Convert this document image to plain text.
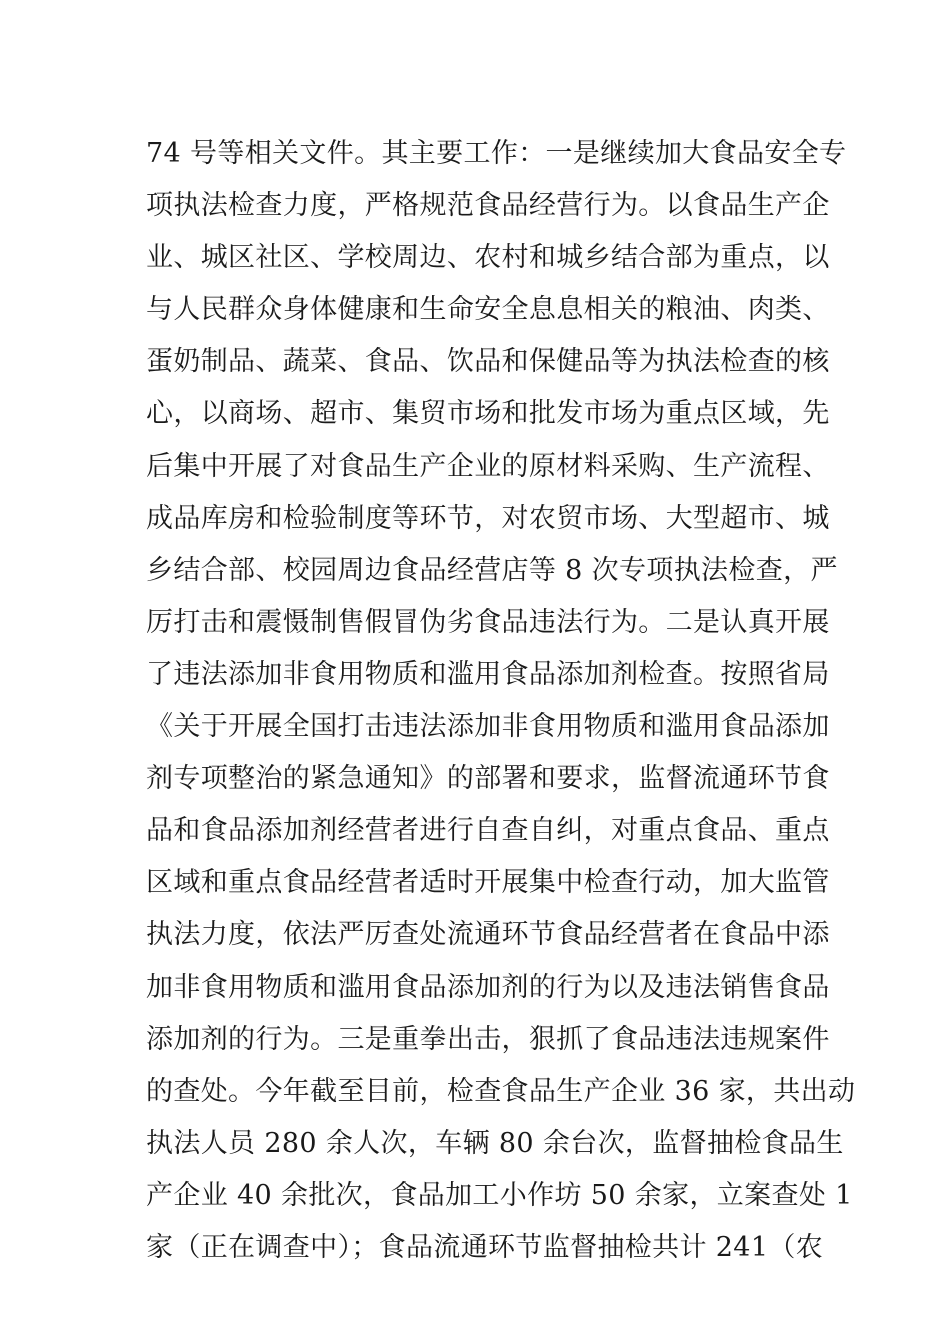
74 号等相关文件。其主要工作：一是继续加大食品安全专
项执法检查力度，严格规范食品经营行为。以食品生产企
业、城区社区、学校周边、农村和城乡结合部为重点，以
与人民群众身体健康和生命安全息息相关的粮油、肉类、
蛋奶制品、蔬菜、食品、饮品和保健品等为执法检查的核
心，以商场、超市、集贸市场和批发市场为重点区域，先
后集中开展了对食品生产企业的原材料采购、生产流程、
成品库房和检验制度等环节，对农贸市场、大型超市、城
乡结合部、校园周边食品经营店等 8 次专项执法检查，严
厉打击和震慑制售假冒伪劣食品违法行为。二是认真开展
了违法添加非食用物质和滥用食品添加剂检查。按照省局
《关于开展全国打击违法添加非食用物质和滥用食品添加
剂专项整治的紧急通知》的部署和要求，监督流通环节食
品和食品添加剂经营者进行自查自纠，对重点食品、重点
区域和重点食品经营者适时开展集中检查行动，加大监管
执法力度，依法严厉查处流通环节食品经营者在食品中添
加非食用物质和滥用食品添加剂的行为以及违法销售食品
添加剂的行为。三是重拳出击，狠抓了食品违法违规案件
的查处。今年截至目前，检查食品生产企业 36 家，共出动
执法人员 280 余人次，车辆 80 余台次，监督抽检食品生
产企业 40 余批次，食品加工小作坊 50 余家，立案查处 1
家（正在调查中）；食品流通环节监督抽检共计 241（农
